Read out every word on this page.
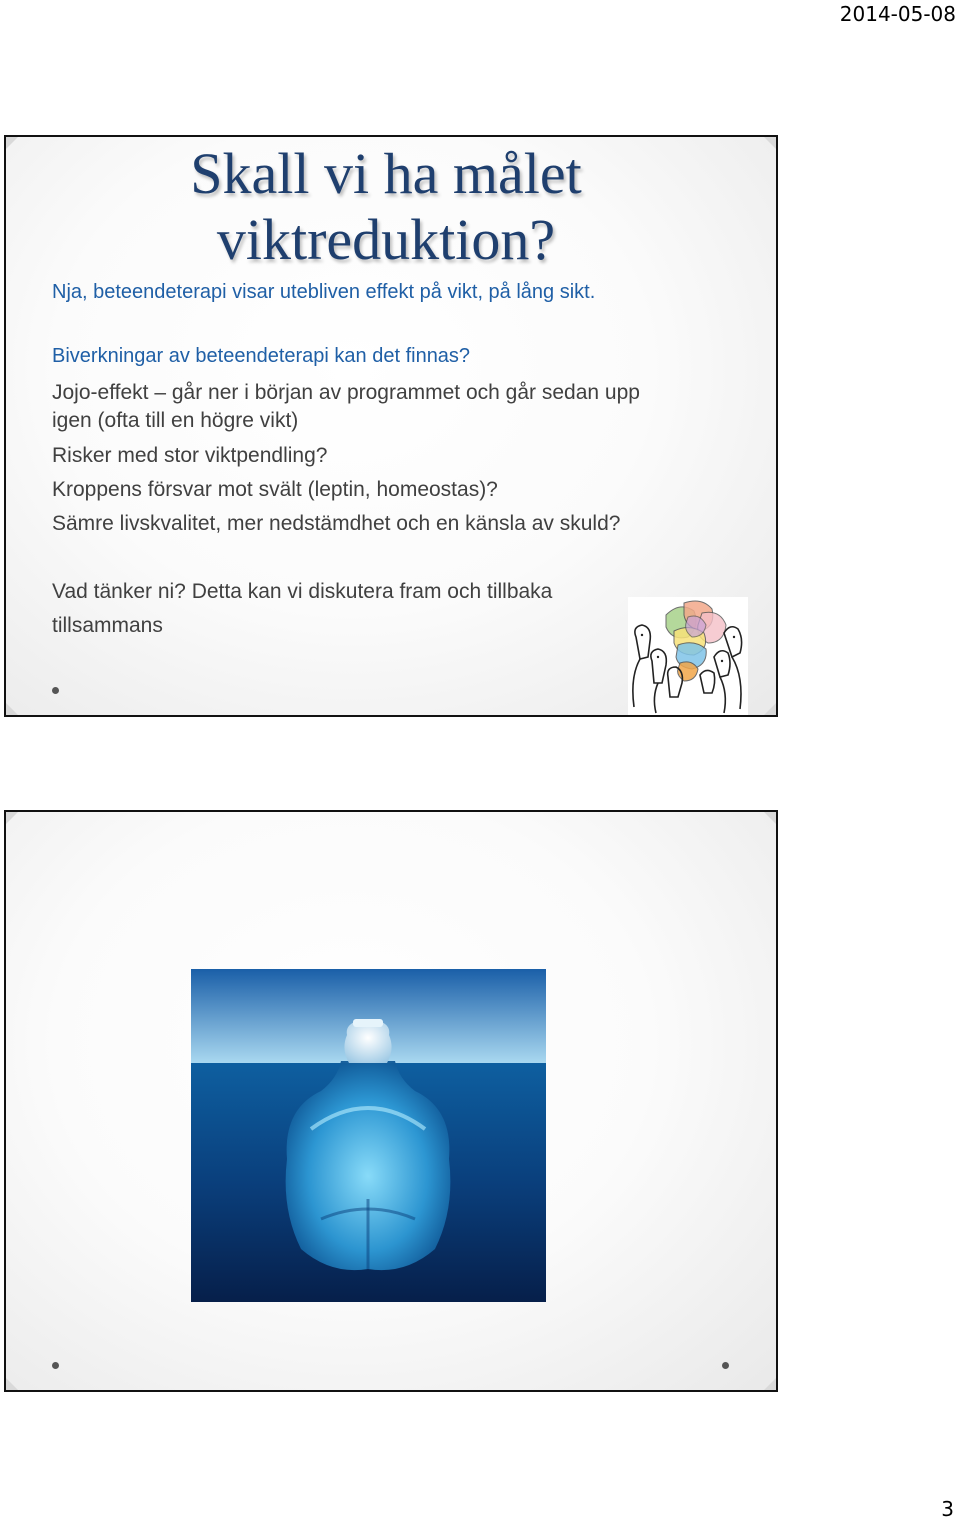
2014-05-08
Skall vi ha målet
viktreduktion?
Nja, beteendeterapi visar utebliven effekt på vikt, på lång sikt.
Biverkningar av beteendeterapi kan det finnas?
Jojo-effekt – går ner i början av programmet och går sedan upp
igen (ofta till en högre vikt)
Risker med stor viktpendling?
Kroppens försvar mot svält (leptin, homeostas)?
Sämre livskvalitet, mer nedstämdhet och en känsla av skuld?
Vad tänker ni? Detta kan vi diskutera fram och tillbaka
tillsammans
3
